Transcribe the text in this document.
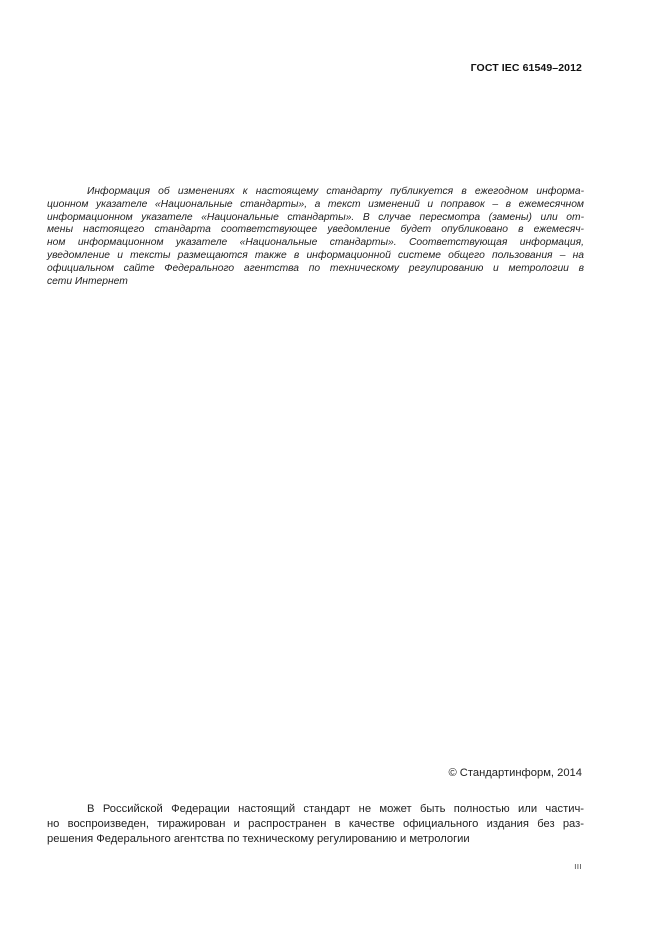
ГОСТ IEC 61549–2012
Информация об изменениях к настоящему стандарту публикуется в ежегодном информа-
ционном указателе «Национальные стандарты», а текст изменений и поправок – в ежемесячном
информационном указателе «Национальные стандарты». В случае пересмотра (замены) или от-
мены настоящего стандарта соответствующее уведомление будет опубликовано в ежемесяч-
ном информационном указателе «Национальные стандарты». Соответствующая информация,
уведомление и тексты размещаются также в информационной системе общего пользования – на
официальном сайте Федерального агентства по техническому регулированию и метрологии в
сети Интернет
© Стандартинформ, 2014
В Российской Федерации настоящий стандарт не может быть полностью или частич-
но воспроизведен, тиражирован и распространен в качестве официального издания без раз-
решения Федерального агентства по техническому регулированию и метрологии
III
